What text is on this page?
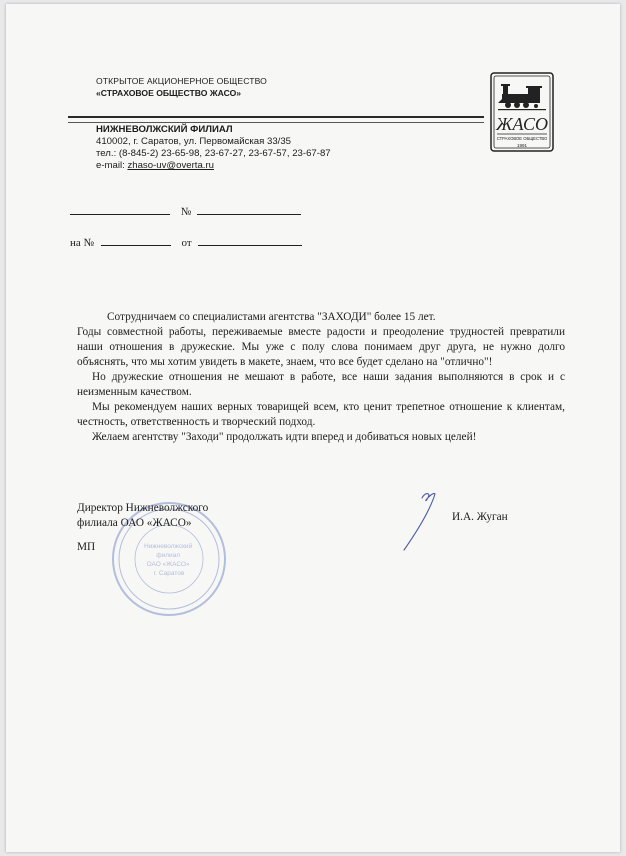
ОТКРЫТОЕ АКЦИОНЕРНОЕ ОБЩЕСТВО
«СТРАХОВОЕ ОБЩЕСТВО ЖАСО»
НИЖНЕВОЛЖСКИЙ ФИЛИАЛ
410002, г. Саратов, ул. Первомайская 33/35
тел.: (8-845-2) 23-65-98, 23-67-27, 23-67-57, 23-67-87
e-mail: zhaso-uv@overta.ru
ЖАСО
СТРАХОВОЕ ОБЩЕСТВО
1991
№
на №	от

Сотрудничаем со специалистами агентства "ЗАХОДИ" более 15 лет.

Годы совместной работы, переживаемые вместе радости и преодоление трудностей превратили наши отношения в дружеские. Мы уже с полу слова понимаем друг друга, не нужно долго объяснять, что мы хотим увидеть в макете, знаем, что все будет сделано на "отлично"!

Но дружеские отношения не мешают в работе, все наши задания выполняются в срок и с неизменным качеством.

Мы рекомендуем наших верных товарищей всем, кто ценит трепетное отношение к клиентам, честность, ответственность и творческий подход.

Желаем агентству "Заходи" продолжать идти вперед и добиваться новых целей!

Нижневолжский филиал ОАО «ЖАСО» г. Саратов
Директор Нижневолжского
филиала ОАО «ЖАСО»
МП
И.А. Жуган
